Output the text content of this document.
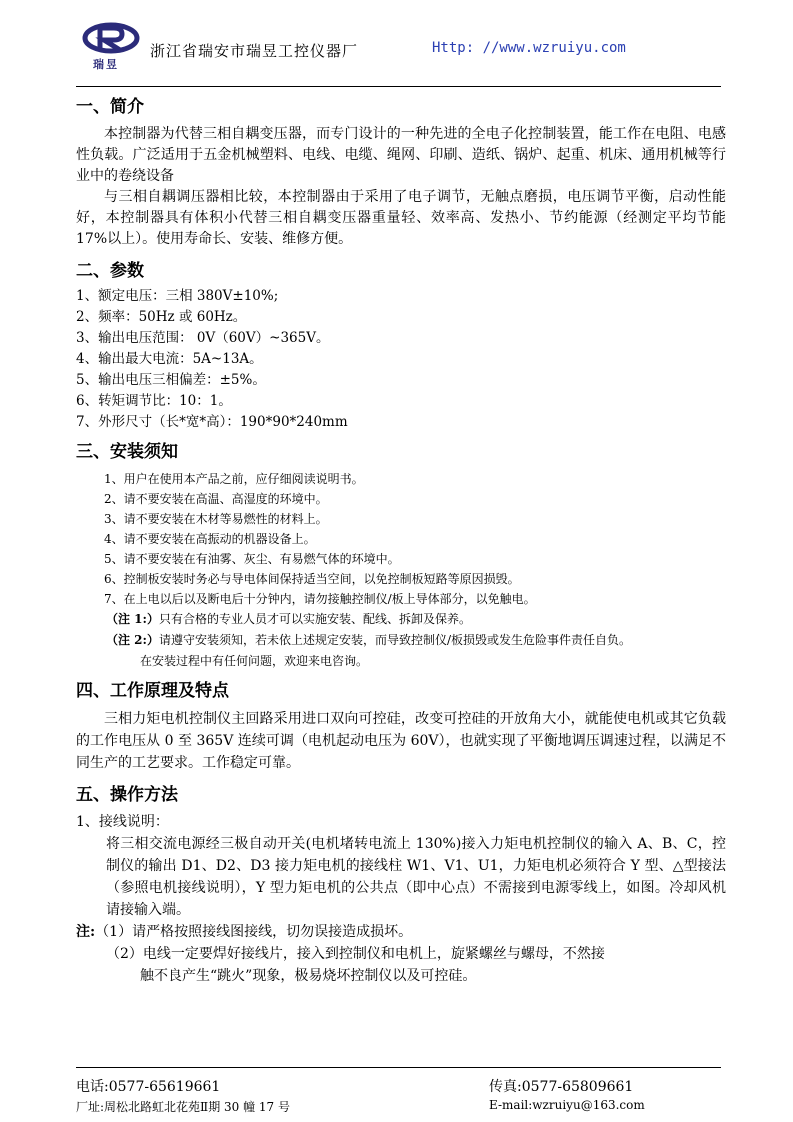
瑞昱
浙江省瑞安市瑞昱工控仪器厂	Http: //www.wzruiyu.com
一、简介

本控制器为代替三相自耦变压器，而专门设计的一种先进的全电子化控制装置，能工作在电阻、电感性负载。广泛适用于五金机械塑料、电线、电缆、绳网、印刷、造纸、锅炉、起重、机床、通用机械等行业中的卷绕设备

与三相自耦调压器相比较，本控制器由于采用了电子调节，无触点磨损，电压调节平衡，启动性能好，本控制器具有体积小代替三相自耦变压器重量轻、效率高、发热小、节约能源（经测定平均节能 17%以上）。使用寿命长、安装、维修方便。

二、参数

1、额定电压：三相 380V±10%;

2、频率：50Hz 或 60Hz。

3、输出电压范围： 0V（60V）~365V。

4、输出最大电流：5A~13A。

5、输出电压三相偏差：±5%。

6、转矩调节比：10：1。

7、外形尺寸（长*宽*高）：190*90*240mm

三、安装须知

1、用户在使用本产品之前，应仔细阅读说明书。

2、请不要安装在高温、高湿度的环境中。

3、请不要安装在木材等易燃性的材料上。

4、请不要安装在高振动的机器设备上。

5、请不要安装在有油雾、灰尘、有易燃气体的环境中。

6、控制板安装时务必与导电体间保持适当空间，以免控制板短路等原因损毁。

7、在上电以后以及断电后十分钟内，请勿接触控制仪/板上导体部分，以免触电。

（注 1:）只有合格的专业人员才可以实施安装、配线、拆卸及保养。

（注 2:）请遵守安装须知，若未依上述规定安装，而导致控制仪/板损毁或发生危险事件责任自负。

在安装过程中有任何问题，欢迎来电咨询。

四、工作原理及特点

三相力矩电机控制仪主回路采用进口双向可控硅，改变可控硅的开放角大小，就能使电机或其它负载的工作电压从 0 至 365V 连续可调（电机起动电压为 60V），也就实现了平衡地调压调速过程，以满足不同生产的工艺要求。工作稳定可靠。

五、操作方法

1、接线说明：

将三相交流电源经三极自动开关(电机堵转电流上 130%)接入力矩电机控制仪的输入 A、B、C，控制仪的输出 D1、D2、D3 接力矩电机的接线柱 W1、V1、U1，力矩电机必须符合 Y 型、△型接法（参照电机接线说明），Y 型力矩电机的公共点（即中心点）不需接到电源零线上，如图。冷却风机请接输入端。

注:（1）请严格按照接线图接线，切勿误接造成损坏。

（2）电线一定要焊好接线片，接入到控制仪和电机上，旋紧螺丝与螺母，不然接

触不良产生“跳火”现象，极易烧坏控制仪以及可控硅。

电话:0577-65619661
厂址:周松北路虹北花苑Ⅱ期 30 幢 17 号
传真:0577-65809661
E-mail:wzruiyu@163.com
